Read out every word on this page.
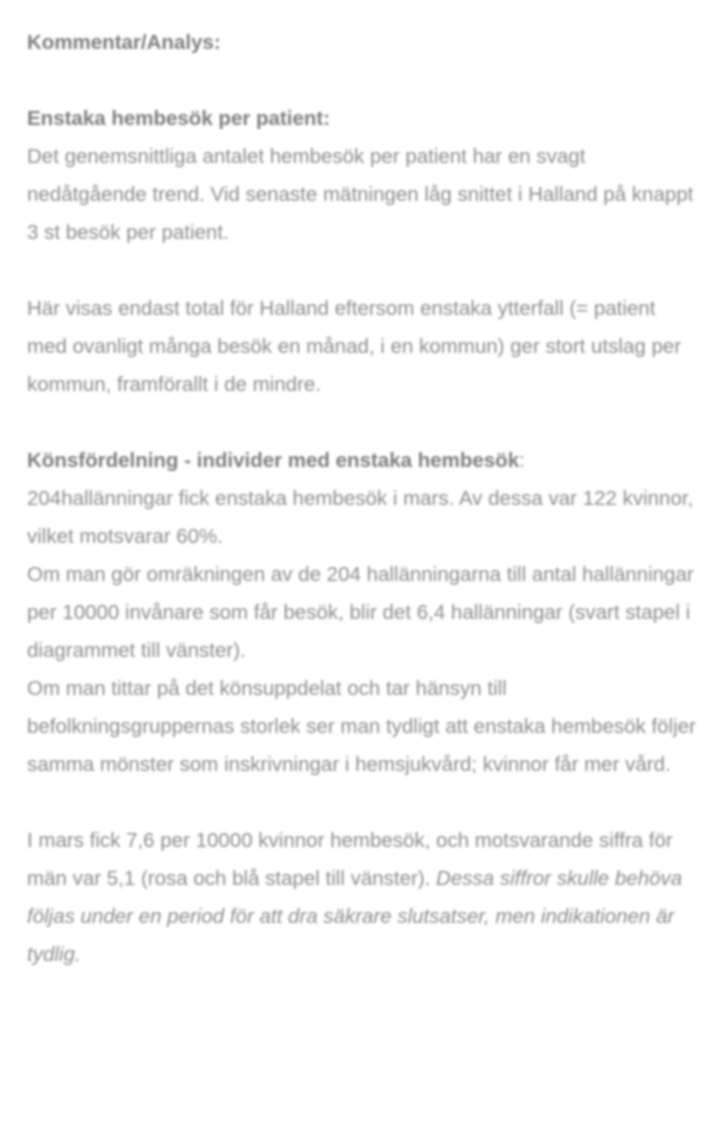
Kommentar/Analys:

Enstaka hembesök per patient:

Det genemsnittliga antalet hembesök per patient har en svagt nedåtgående trend. Vid senaste mätningen låg snittet i Halland på knappt 3 st besök per patient.

Här visas endast total för Halland eftersom enstaka ytterfall (= patient med ovanligt många besök en månad, i en kommun) ger stort utslag per kommun, framförallt i de mindre.

Könsfördelning - individer med enstaka hembesök:

204hallänningar fick enstaka hembesök i mars. Av dessa var 122 kvinnor, vilket motsvarar 60%.

Om man gör omräkningen av de 204 hallänningarna till antal hallänningar per 10000 invånare som får besök, blir det 6,4 hallänningar (svart stapel i diagrammet till vänster).

Om man tittar på det könsuppdelat och tar hänsyn till befolkningsgruppernas storlek ser man tydligt att enstaka hembesök följer samma mönster som inskrivningar i hemsjukvård; kvinnor får mer vård.

I mars fick 7,6 per 10000 kvinnor hembesök, och motsvarande siffra för män var 5,1 (rosa och blå stapel till vänster). Dessa siffror skulle behöva följas under en period för att dra säkrare slutsatser, men indikationen är tydlig.
